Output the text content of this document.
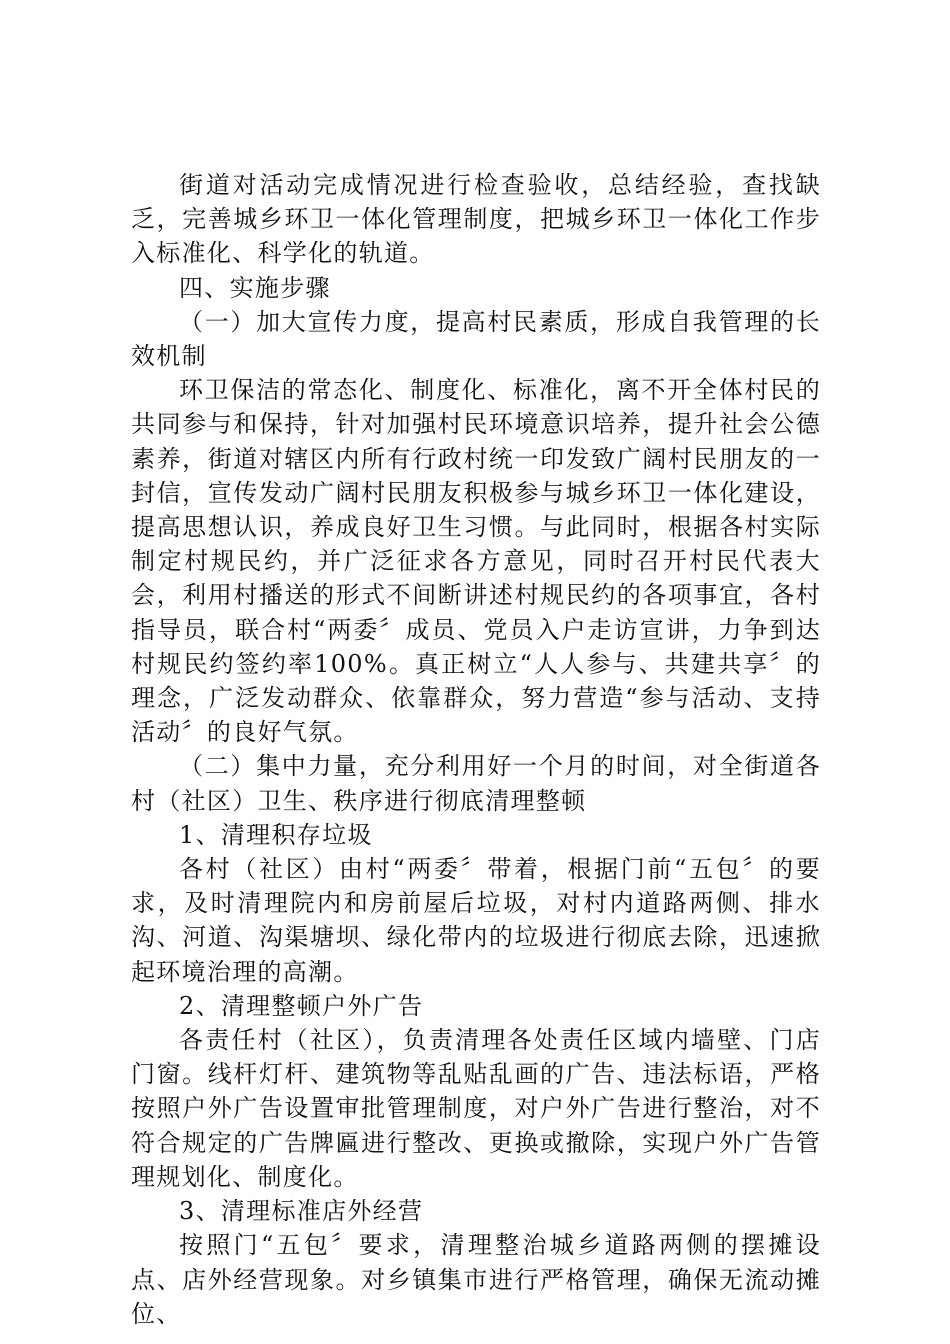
街道对活动完成情况进行检查验收，总结经验，查找缺乏，完善城乡环卫一体化管理制度，把城乡环卫一体化工作步入标准化、科学化的轨道。

四、实施步骤

（一）加大宣传力度，提高村民素质，形成自我管理的长效机制

环卫保洁的常态化、制度化、标准化，离不开全体村民的共同参与和保持，针对加强村民环境意识培养，提升社会公德素养，街道对辖区内所有行政村统一印发致广阔村民朋友的一封信，宣传发动广阔村民朋友积极参与城乡环卫一体化建设，提高思想认识，养成良好卫生习惯。与此同时，根据各村实际制定村规民约，并广泛征求各方意见，同时召开村民代表大会，利用村播送的形式不间断讲述村规民约的各项事宜，各村指导员，联合村“两委〞成员、党员入户走访宣讲，力争到达村规民约签约率100%。真正树立“人人参与、共建共享〞的理念，广泛发动群众、依靠群众，努力营造“参与活动、支持活动〞的良好气氛。

（二）集中力量，充分利用好一个月的时间，对全街道各村（社区）卫生、秩序进行彻底清理整顿

1、清理积存垃圾

各村（社区）由村“两委〞带着，根据门前“五包〞的要求，及时清理院内和房前屋后垃圾，对村内道路两侧、排水沟、河道、沟渠塘坝、绿化带内的垃圾进行彻底去除，迅速掀起环境治理的高潮。

2、清理整顿户外广告

各责任村（社区），负责清理各处责任区域内墙壁、门店门窗。线杆灯杆、建筑物等乱贴乱画的广告、违法标语，严格按照户外广告设置审批管理制度，对户外广告进行整治，对不符合规定的广告牌匾进行整改、更换或撤除，实现户外广告管理规划化、制度化。

3、清理标准店外经营

按照门“五包〞要求，清理整治城乡道路两侧的摆摊设点、店外经营现象。对乡镇集市进行严格管理，确保无流动摊位、
